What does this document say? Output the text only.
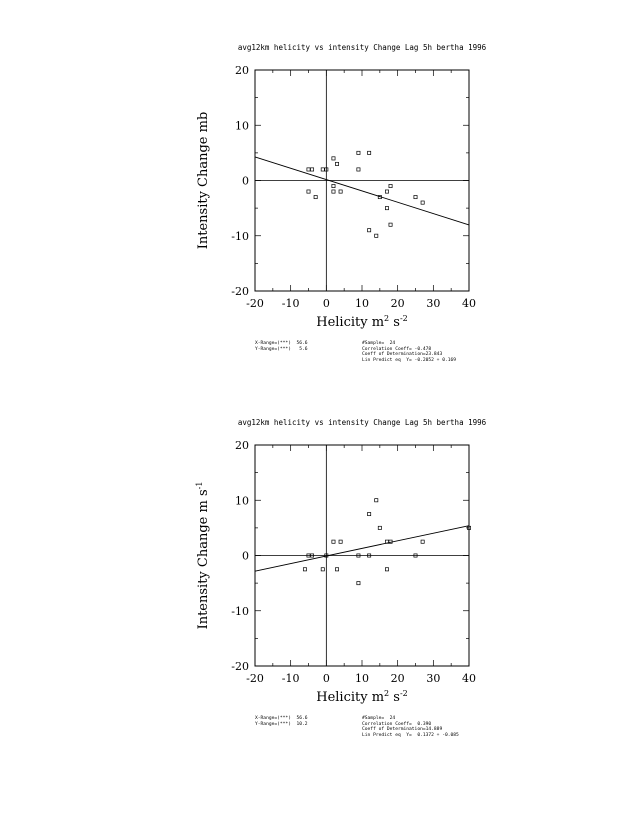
avg12km helicity vs intensity Change Lag 5h bertha 1996
-20 -10 0 10 20 30 40
20
10
0
-10
-20
Helicity $m^2$ $s^{-2}$
Intensity Change mb
X-Range=(***)  56.6
Y-Range=(***)   5.6
#Sample=  24
Correlation Coeff= -0.478
Coeff of Determination=23.843
Lin Predict eq  Y= -0.2052 + 0.169
avg12km helicity vs intensity Change Lag 5h bertha 1996
-20 -10 0 10 20 30 40
20
10
0
-10
-20
Helicity $m^2$ $s^{-2}$
Intensity Change m $s^{-1}$
X-Range=(***)  56.6
Y-Range=(***)  10.2
#Sample=  24
Correlation Coeff=  0.390
Coeff of Determination=14.889
Lin Predict eq  Y=  0.1372 + -0.085
